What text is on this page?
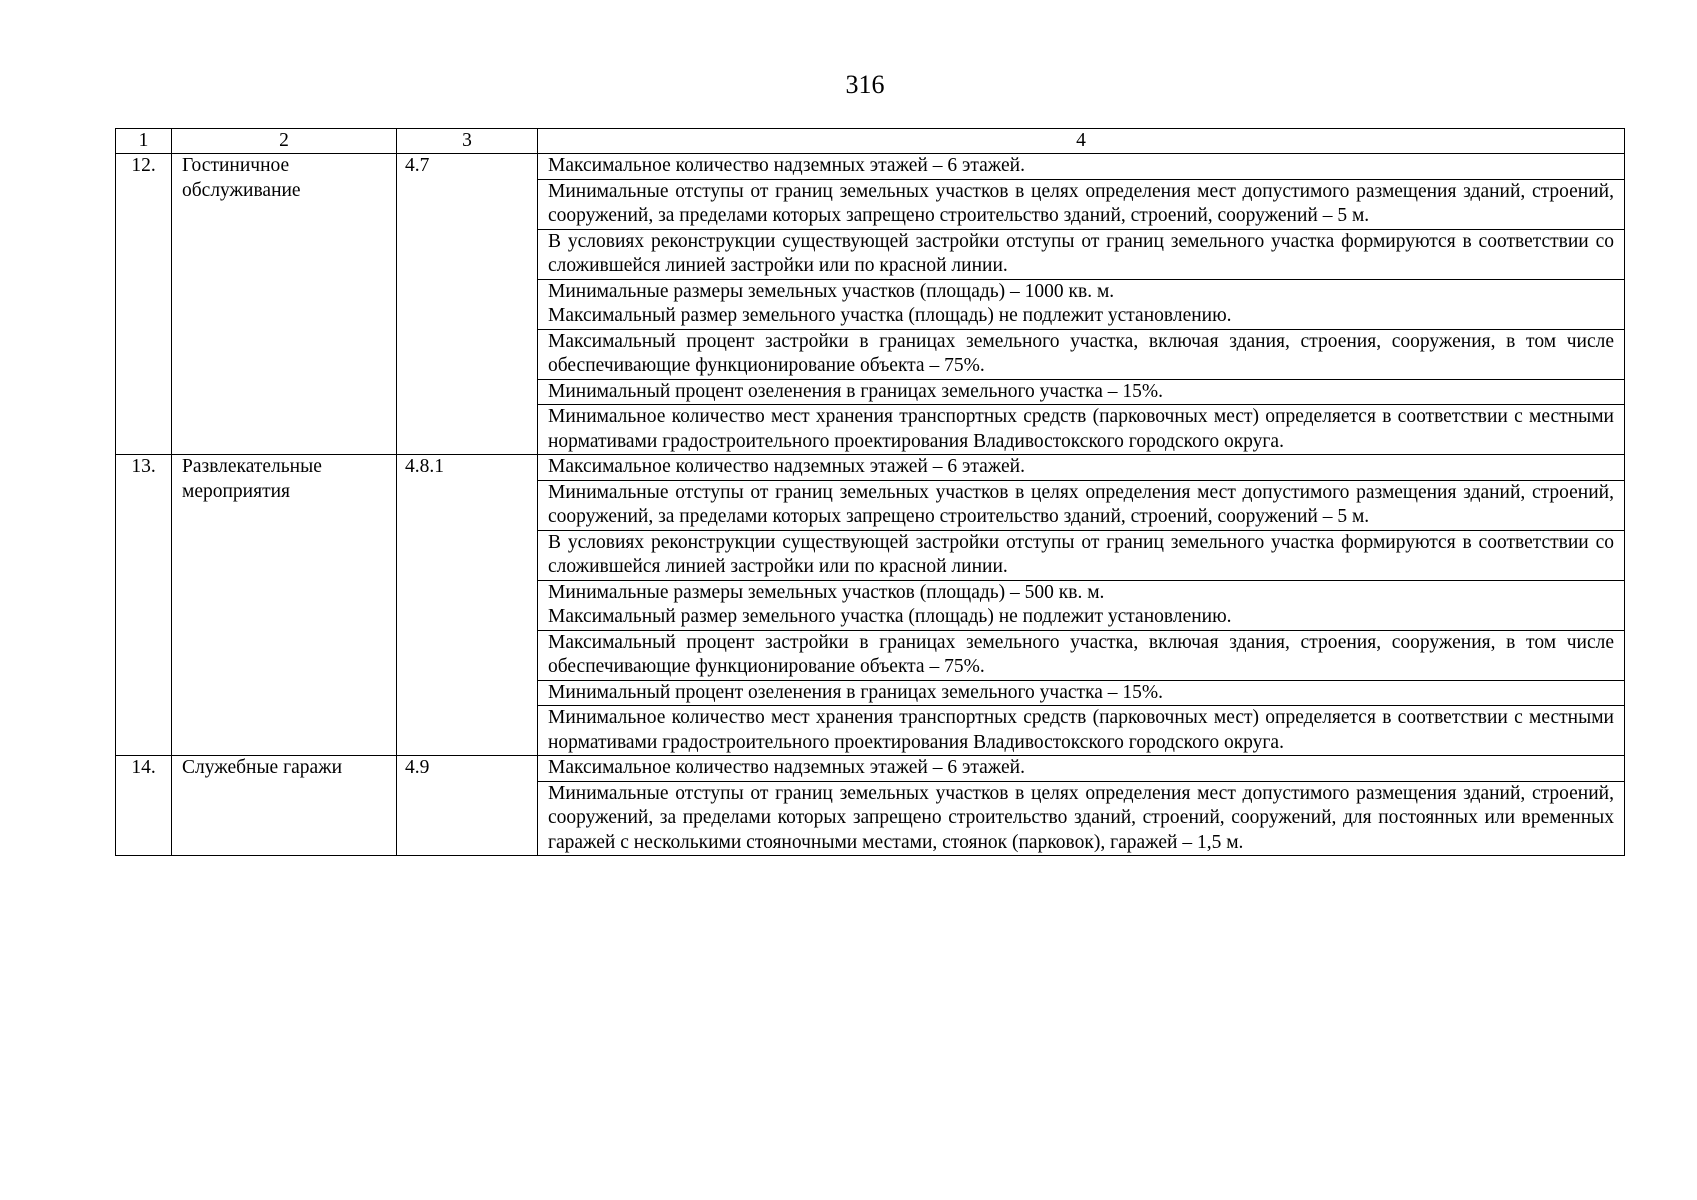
316
1	2	3	4
12.	Гостиничное обслуживание	4.7	Максимальное количество надземных этажей – 6 этажей.

			Минимальные отступы от границ земельных участков в целях определения мест допустимого размещения зданий, строений, сооружений, за пределами которых запрещено строительство зданий, строений, сооружений – 5 м.

			В условиях реконструкции существующей застройки отступы от границ земельного участка формируются в соответствии со сложившейся линией застройки или по красной линии.

			Минимальные размеры земельных участков (площадь) – 1000 кв. м.
Максимальный размер земельного участка (площадь) не подлежит установлению.

			Максимальный процент застройки в границах земельного участка, включая здания, строения, сооружения, в том числе обеспечивающие функционирование объекта – 75%.

			Минимальный процент озеленения в границах земельного участка – 15%.

			Минимальное количество мест хранения транспортных средств (парковочных мест) определяется в соответствии с местными нормативами градостроительного проектирования Владивостокского городского округа.

13.	Развлекательные мероприятия	4.8.1	Максимальное количество надземных этажей – 6 этажей.

			Минимальные отступы от границ земельных участков в целях определения мест допустимого размещения зданий, строений, сооружений, за пределами которых запрещено строительство зданий, строений, сооружений – 5 м.

			В условиях реконструкции существующей застройки отступы от границ земельного участка формируются в соответствии со сложившейся линией застройки или по красной линии.

			Минимальные размеры земельных участков (площадь) – 500 кв. м.
Максимальный размер земельного участка (площадь) не подлежит установлению.

			Максимальный процент застройки в границах земельного участка, включая здания, строения, сооружения, в том числе обеспечивающие функционирование объекта – 75%.

			Минимальный процент озеленения в границах земельного участка – 15%.

			Минимальное количество мест хранения транспортных средств (парковочных мест) определяется в соответствии с местными нормативами градостроительного проектирования Владивостокского городского округа.

14.	Служебные гаражи	4.9	Максимальное количество надземных этажей – 6 этажей.

			Минимальные отступы от границ земельных участков в целях определения мест допустимого размещения зданий, строений, сооружений, за пределами которых запрещено строительство зданий, строений, сооружений, для постоянных или временных гаражей с несколькими стояночными местами, стоянок (парковок), гаражей – 1,5 м.
